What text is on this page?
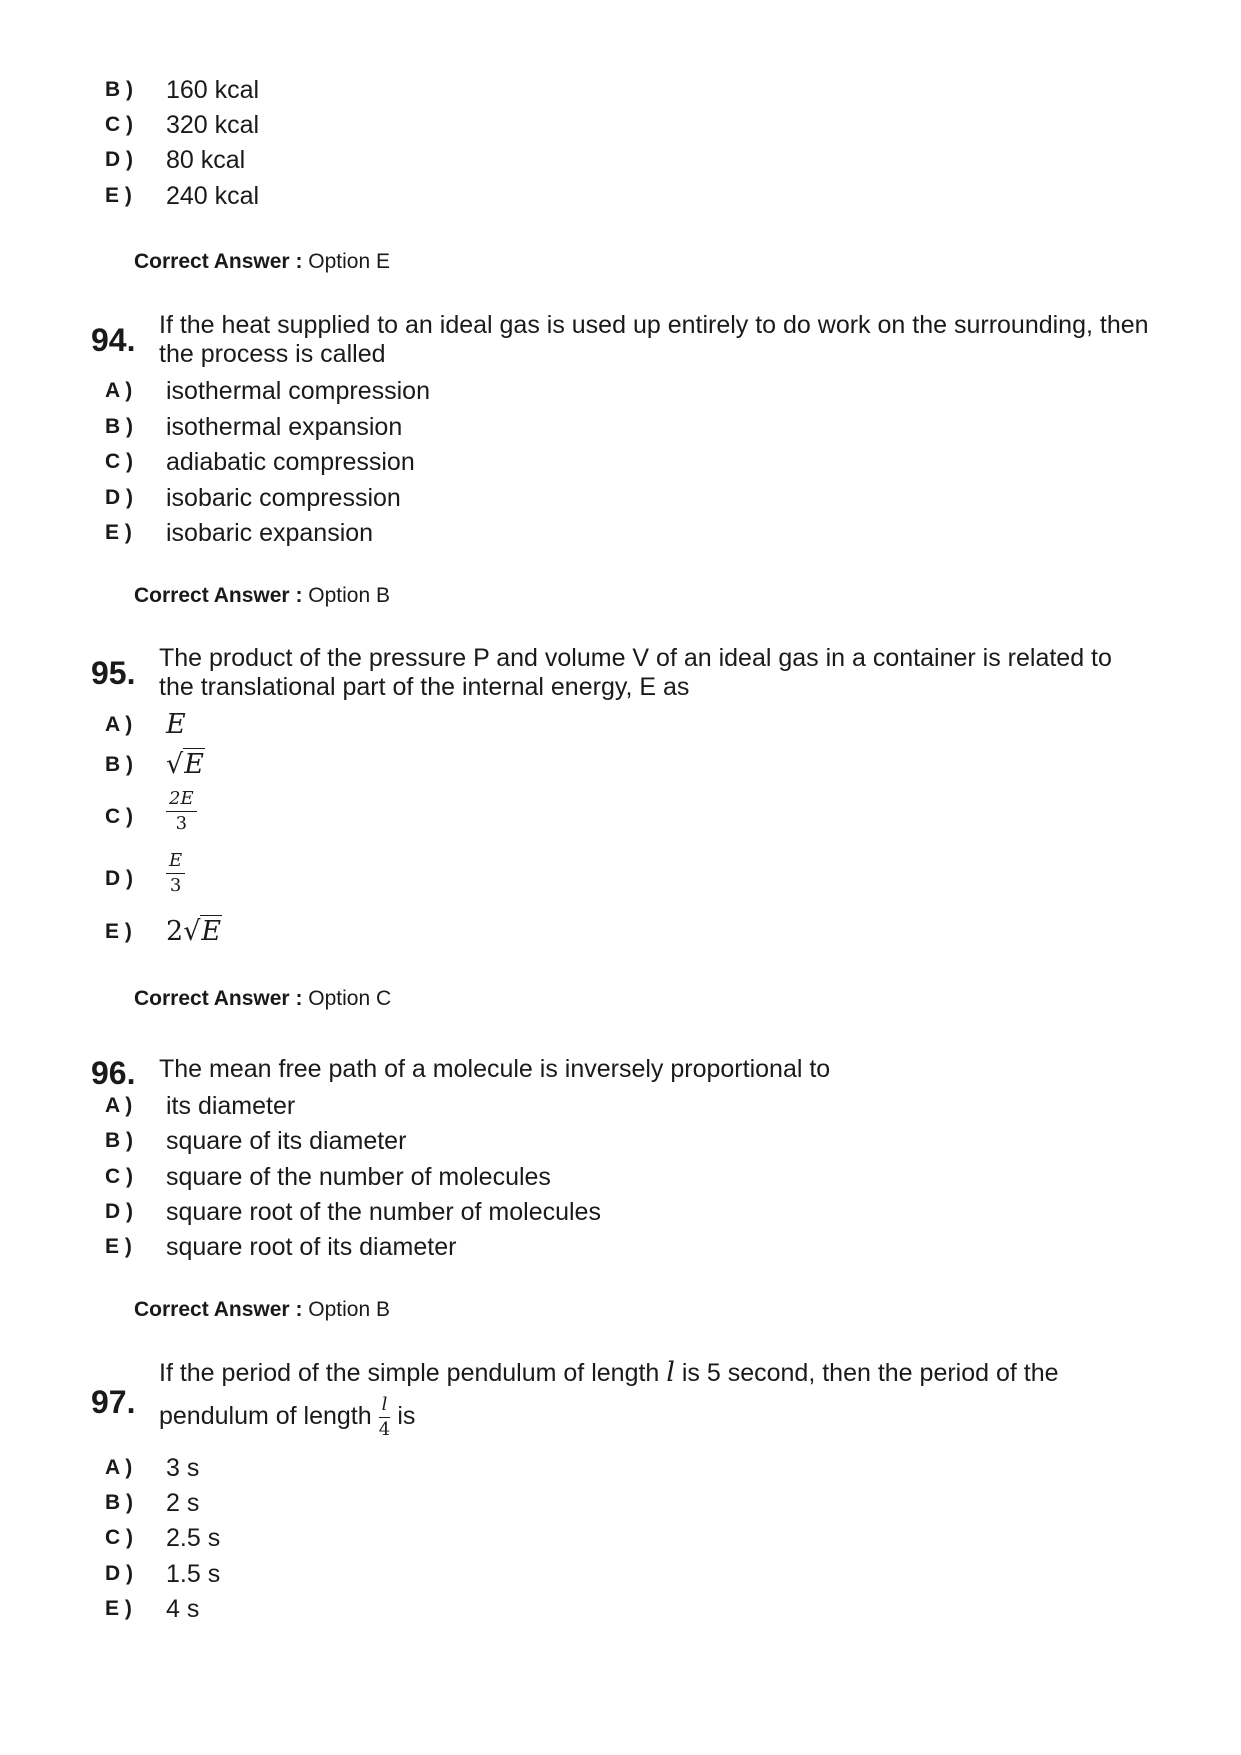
B ) 160 kcal
C ) 320 kcal
D ) 80 kcal
E ) 240 kcal
Correct Answer : Option E
94. If the heat supplied to an ideal gas is used up entirely to do work on the surrounding, then
the process is called
A ) isothermal compression
B ) isothermal expansion
C ) adiabatic compression
D ) isobaric compression
E ) isobaric expansion
Correct Answer : Option B
95. The product of the pressure P and volume V of an ideal gas in a container is related to
the translational part of the internal energy, E as
A ) E
B ) √E
C ) $\frac{2E}{3}$
D ) $\frac{E}{3}$
E ) 2√E
Correct Answer : Option C
96. The mean free path of a molecule is inversely proportional to
A ) its diameter
B ) square of its diameter
C ) square of the number of molecules
D ) square root of the number of molecules
E ) square root of its diameter
Correct Answer : Option B
97.
If the period of the simple pendulum of length l is 5 second, then the period of the
pendulum of length $\frac{l}{4}$ is
A ) 3 s
B ) 2 s
C ) 2.5 s
D ) 1.5 s
E ) 4 s
